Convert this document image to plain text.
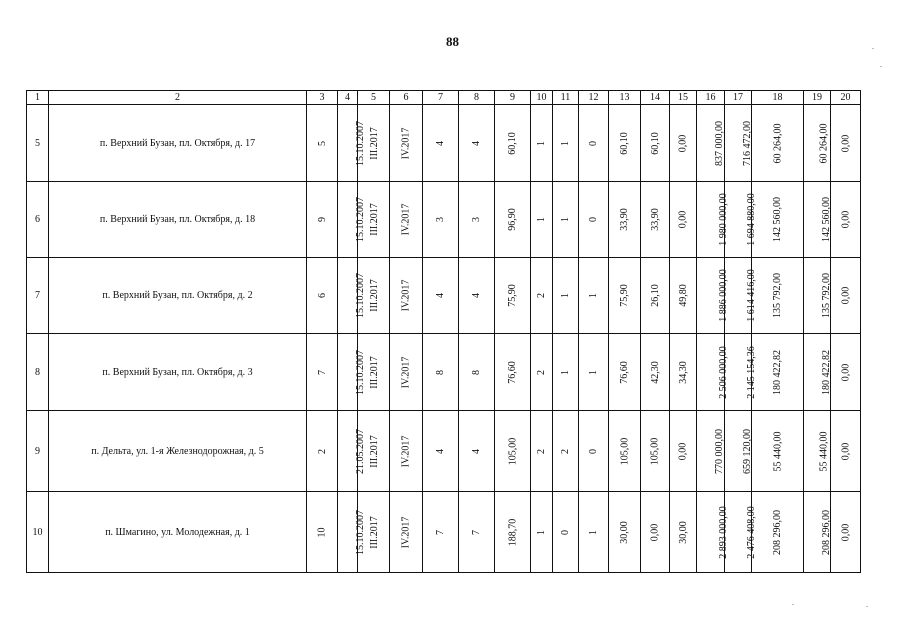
88
1	2	3	4	5	6	7	8	9	10	11	12	13	14	15	16	17	18	19	20
5	п. Верхний Бузан, пл. Октября, д. 17	5	15.10.2007	III.2017	IV.2017	4	4	60,10	1	1	0	60,10	60,10	0,00	837 000,00	716 472,00	60 264,00	60 264,00	0,00
6	п. Верхний Бузан, пл. Октября, д. 18	9	15.10.2007	III.2017	IV.2017	3	3	96,90	1	1	0	33,90	33,90	0,00	1 980 000,00	1 694 880,00	142 560,00	142 560,00	0,00
7	п. Верхний Бузан, пл. Октября, д. 2	6	15.10.2007	III.2017	IV.2017	4	4	75,90	2	1	1	75,90	26,10	49,80	1 886 000,00	1 614 416,00	135 792,00	135 792,00	0,00
8	п. Верхний Бузан, пл. Октября, д. 3	7	15.10.2007	III.2017	IV.2017	8	8	76,60	2	1	1	76,60	42,30	34,30	2 506 000,00	2 145 154,36	180 422,82	180 422,82	0,00
9	п. Дельта, ул. 1-я Железнодорожная, д. 5	2	21.05.2007	III.2017	IV.2017	4	4	105,00	2	2	0	105,00	105,00	0,00	770 000,00	659 120,00	55 440,00	55 440,00	0,00
10	п. Шмагино, ул. Молодежная, д. 1	10	15.10.2007	III.2017	IV.2017	7	7	188,70	1	0	1	30,00	0,00	30,00	2 893 000,00	2 476 408,00	208 296,00	208 296,00	0,00
